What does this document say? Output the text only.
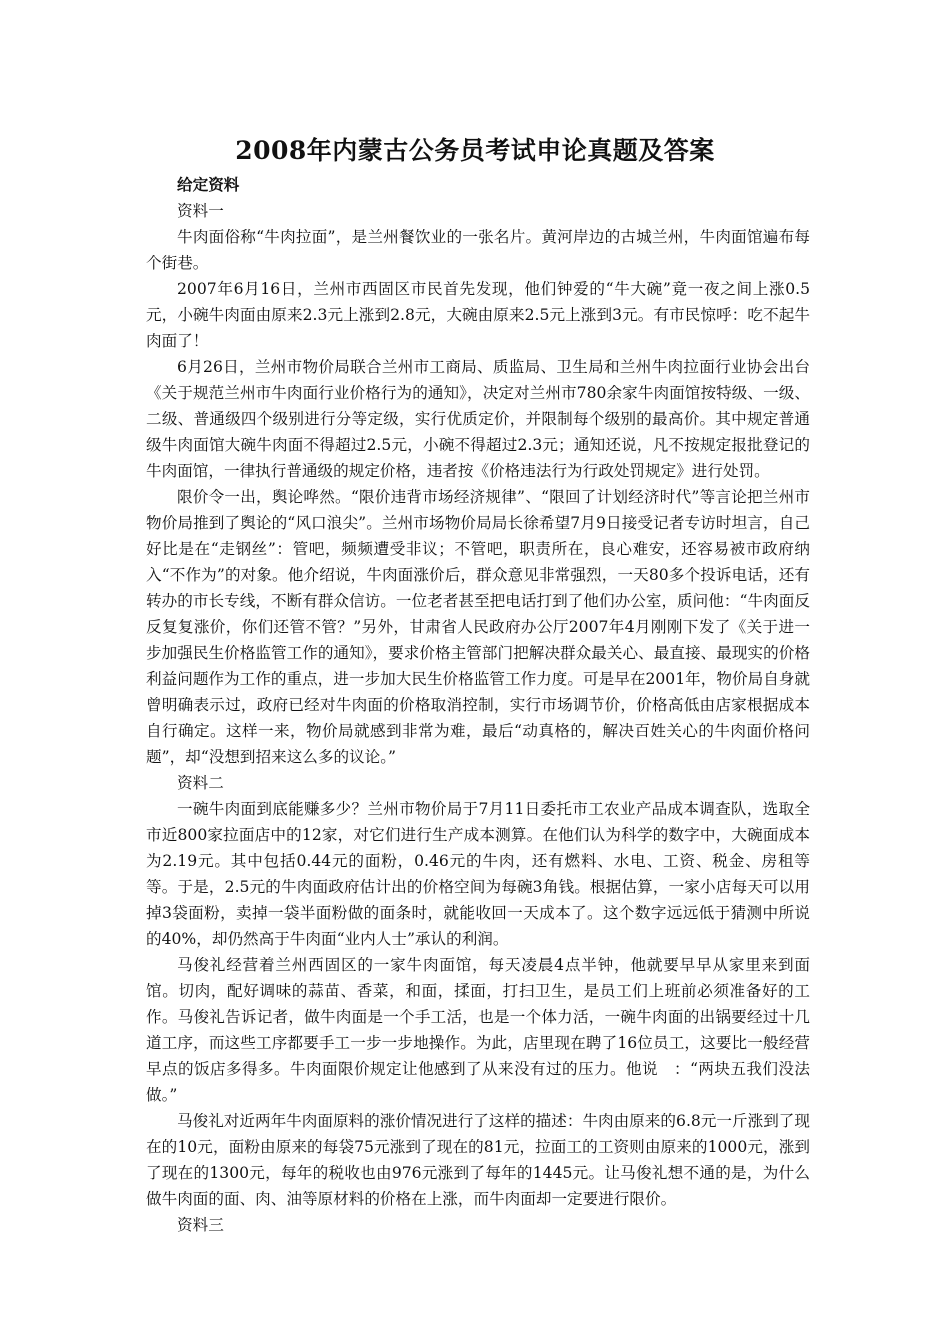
2008年内蒙古公务员考试申论真题及答案

给定资料

资料一

牛肉面俗称“牛肉拉面”，是兰州餐饮业的一张名片。黄河岸边的古城兰州，牛肉面馆遍布每个街巷。

2007年6月16日，兰州市西固区市民首先发现，他们钟爱的“牛大碗”竟一夜之间上涨0.5　元，小碗牛肉面由原来2.3元上涨到2.8元，大碗由原来2.5元上涨到3元。有市民惊呼：吃不起牛肉面了！

6月26日，兰州市物价局联合兰州市工商局、质监局、卫生局和兰州牛肉拉面行业协会出台《关于规范兰州市牛肉面行业价格行为的通知》，决定对兰州市780余家牛肉面馆按特级、一级、二级、普通级四个级别进行分等定级，实行优质定价，并限制每个级别的最高价。其中规定普通级牛肉面馆大碗牛肉面不得超过2.5元，小碗不得超过2.3元；通知还说，凡不按规定报批登记的牛肉面馆，一律执行普通级的规定价格，违者按《价格违法行为行政处罚规定》进行处罚。

限价令一出，舆论哗然。“限价违背市场经济规律”、“限回了计划经济时代”等言论把兰州市物价局推到了舆论的“风口浪尖”。兰州市场物价局局长徐希望7月9日接受记者专访时坦言，自己好比是在“走钢丝”：管吧，频频遭受非议；不管吧，职责所在，良心难安，还容易被市政府纳入“不作为”的对象。他介绍说，牛肉面涨价后，群众意见非常强烈，一天80多个投诉电话，还有转办的市长专线，不断有群众信访。一位老者甚至把电话打到了他们办公室，质问他：“牛肉面反反复复涨价，你们还管不管？”另外，甘肃省人民政府办公厅2007年4月刚刚下发了《关于进一步加强民生价格监管工作的通知》，要求价格主管部门把解决群众最关心、最直接、最现实的价格利益问题作为工作的重点，进一步加大民生价格监管工作力度。可是早在2001年，物价局自身就曾明确表示过，政府已经对牛肉面的价格取消控制，实行市场调节价，价格高低由店家根据成本自行确定。这样一来，物价局就感到非常为难，最后“动真格的，解决百姓关心的牛肉面价格问题”，却“没想到招来这么多的议论。”

资料二

一碗牛肉面到底能赚多少？兰州市物价局于7月11日委托市工农业产品成本调查队，选取全市近800家拉面店中的12家，对它们进行生产成本测算。在他们认为科学的数字中，大碗面成本为2.19元。其中包括0.44元的面粉，0.46元的牛肉，还有燃料、水电、工资、税金、房租等等。于是，2.5元的牛肉面政府估计出的价格空间为每碗3角钱。根据估算，一家小店每天可以用掉3袋面粉，卖掉一袋半面粉做的面条时，就能收回一天成本了。这个数字远远低于猜测中所说的40%，却仍然高于牛肉面“业内人士”承认的利润。

马俊礼经营着兰州西固区的一家牛肉面馆，每天凌晨4点半钟，他就要早早从家里来到面馆。切肉，配好调味的蒜苗、香菜，和面，揉面，打扫卫生，是员工们上班前必须准备好的工作。马俊礼告诉记者，做牛肉面是一个手工活，也是一个体力活，一碗牛肉面的出锅要经过十几道工序，而这些工序都要手工一步一步地操作。为此，店里现在聘了16位员工，这要比一般经营早点的饭店多得多。牛肉面限价规定让他感到了从来没有过的压力。他说　：“两块五我们没法做。”

马俊礼对近两年牛肉面原料的涨价情况进行了这样的描述：牛肉由原来的6.8元一斤涨到了现在的10元，面粉由原来的每袋75元涨到了现在的81元，拉面工的工资则由原来的1000元，涨到了现在的1300元，每年的税收也由976元涨到了每年的1445元。让马俊礼想不通的是，为什么做牛肉面的面、肉、油等原材料的价格在上涨，而牛肉面却一定要进行限价。

资料三
